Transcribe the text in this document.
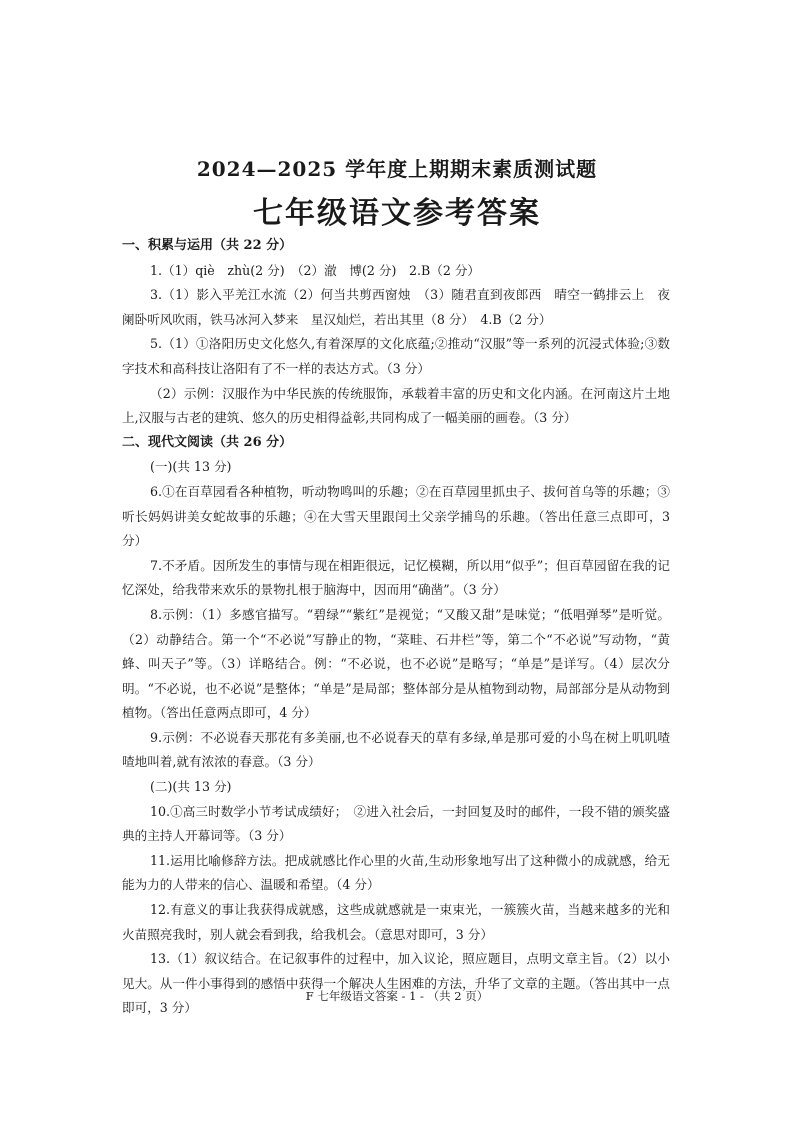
2024—2025 学年度上期期末素质测试题
七年级语文参考答案

一、积累与运用（共 22 分）

1.（1）qiè　zhù(2 分)　（2）澈　博(2 分)　2.B（2 分）

3.（1）影入平羌江水流（2）何当共剪西窗烛　（3）随君直到夜郎西　晴空一鹤排云上　夜阑卧听风吹雨，铁马冰河入梦来　星汉灿烂，若出其里（8 分）　4.B（2 分）

5.（1）①洛阳历史文化悠久,有着深厚的文化底蕴;②推动“汉服”等一系列的沉浸式体验;③数字技术和高科技让洛阳有了不一样的表达方式。（3 分）

（2）示例：汉服作为中华民族的传统服饰，承载着丰富的历史和文化内涵。在河南这片土地上,汉服与古老的建筑、悠久的历史相得益彰,共同构成了一幅美丽的画卷。（3 分）

二、现代文阅读（共 26 分）

(一)(共 13 分)

6.①在百草园看各种植物，听动物鸣叫的乐趣；②在百草园里抓虫子、拔何首乌等的乐趣；③听长妈妈讲美女蛇故事的乐趣；④在大雪天里跟闰土父亲学捕鸟的乐趣。（答出任意三点即可，3 分）

7.不矛盾。因所发生的事情与现在相距很远，记忆模糊，所以用“似乎”；但百草园留在我的记忆深处，给我带来欢乐的景物扎根于脑海中，因而用“确凿”。（3 分）

8.示例：（1）多感官描写。“碧绿”“紫红”是视觉；“又酸又甜”是味觉；“低唱弹琴”是听觉。（2）动静结合。第一个“不必说”写静止的物，“菜畦、石井栏”等，第二个“不必说”写动物，“黄蜂、叫天子”等。（3）详略结合。例：“不必说，也不必说”是略写；“单是”是详写。（4）层次分明。“不必说，也不必说”是整体；“单是”是局部；整体部分是从植物到动物，局部部分是从动物到植物。（答出任意两点即可，4 分）

9.示例：不必说春天那花有多美丽,也不必说春天的草有多绿,单是那可爱的小鸟在树上叽叽喳喳地叫着,就有浓浓的春意。（3 分）

(二)(共 13 分)

10.①高三时数学小节考试成绩好；　②进入社会后，一封回复及时的邮件，一段不错的颁奖盛典的主持人开幕词等。（3 分）

11.运用比喻修辞方法。把成就感比作心里的火苗,生动形象地写出了这种微小的成就感，给无能为力的人带来的信心、温暖和希望。（4 分）

12.有意义的事让我获得成就感，这些成就感就是一束束光，一簇簇火苗，当越来越多的光和火苗照亮我时，别人就会看到我，给我机会。（意思对即可，3 分）

13.（1）叙议结合。在记叙事件的过程中，加入议论，照应题目，点明文章主旨。（2）以小见大。从一件小事得到的感悟中获得一个解决人生困难的方法，升华了文章的主题。（答出其中一点即可，3 分）

F 七年级语文答案 - 1 - （共 2 页）
